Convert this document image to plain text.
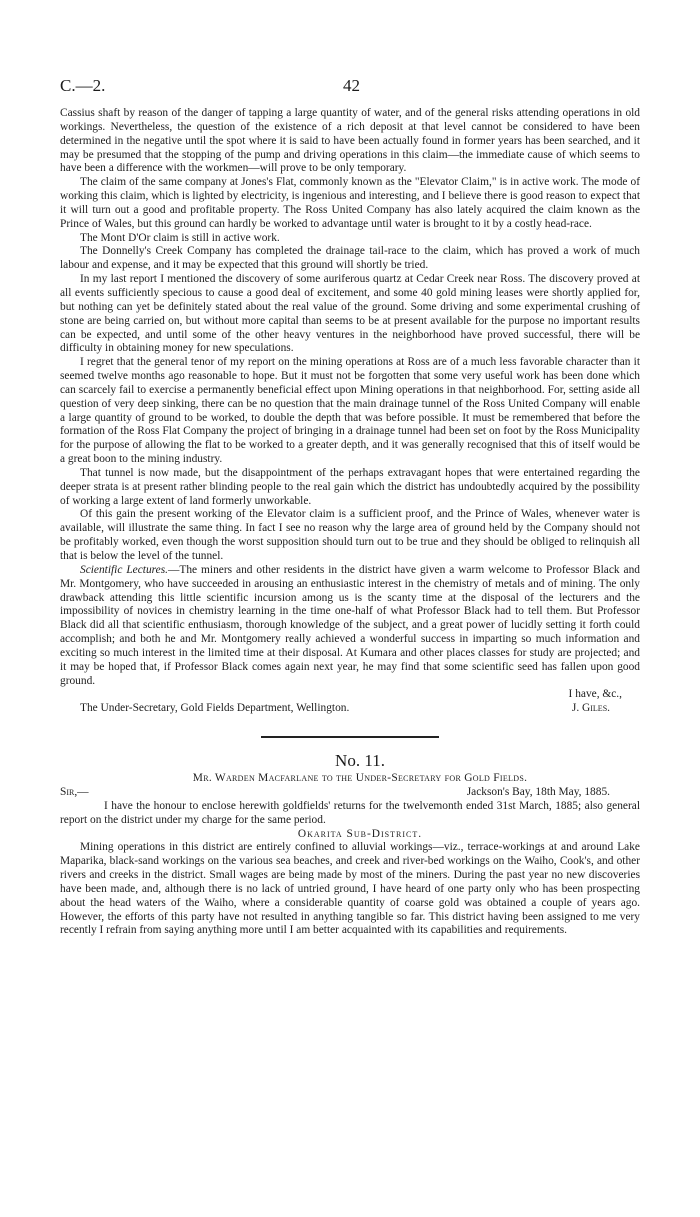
C.—2.	42

Cassius shaft by reason of the danger of tapping a large quantity of water, and of the general risks attending operations in old workings. Nevertheless, the question of the existence of a rich deposit at that level cannot be considered to have been determined in the negative until the spot where it is said to have been actually found in former years has been searched, and it may be presumed that the stopping of the pump and driving operations in this claim—the immediate cause of which seems to have been a difference with the workmen—will prove to be only temporary.

The claim of the same company at Jones's Flat, commonly known as the "Elevator Claim," is in active work. The mode of working this claim, which is lighted by electricity, is ingenious and interesting, and I believe there is good reason to expect that it will turn out a good and profitable property. The Ross United Company has also lately acquired the claim known as the Prince of Wales, but this ground can hardly be worked to advantage until water is brought to it by a costly head-race.

The Mont D'Or claim is still in active work.

The Donnelly's Creek Company has completed the drainage tail-race to the claim, which has proved a work of much labour and expense, and it may be expected that this ground will shortly be tried.

In my last report I mentioned the discovery of some auriferous quartz at Cedar Creek near Ross. The discovery proved at all events sufficiently specious to cause a good deal of excitement, and some 40 gold mining leases were shortly applied for, but nothing can yet be definitely stated about the real value of the ground. Some driving and some experimental crushing of stone are being carried on, but without more capital than seems to be at present available for the purpose no important results can be expected, and until some of the other heavy ventures in the neighborhood have proved successful, there will be difficulty in obtaining money for new speculations.

I regret that the general tenor of my report on the mining operations at Ross are of a much less favorable character than it seemed twelve months ago reasonable to hope. But it must not be forgotten that some very useful work has been done which can scarcely fail to exercise a permanently beneficial effect upon Mining operations in that neighborhood. For, setting aside all question of very deep sinking, there can be no question that the main drainage tunnel of the Ross United Company will enable a large quantity of ground to be worked, to double the depth that was before possible. It must be remembered that before the formation of the Ross Flat Company the project of bringing in a drainage tunnel had been set on foot by the Ross Municipality for the purpose of allowing the flat to be worked to a greater depth, and it was generally recognised that this of itself would be a great boon to the mining industry.

That tunnel is now made, but the disappointment of the perhaps extravagant hopes that were entertained regarding the deeper strata is at present rather blinding people to the real gain which the district has undoubtedly acquired by the possibility of working a large extent of land formerly unworkable.

Of this gain the present working of the Elevator claim is a sufficient proof, and the Prince of Wales, whenever water is available, will illustrate the same thing. In fact I see no reason why the large area of ground held by the Company should not be profitably worked, even though the worst supposition should turn out to be true and they should be obliged to relinquish all that is below the level of the tunnel.

Scientific Lectures.—The miners and other residents in the district have given a warm welcome to Professor Black and Mr. Montgomery, who have succeeded in arousing an enthusiastic interest in the chemistry of metals and of mining. The only drawback attending this little scientific incursion among us is the scanty time at the disposal of the lecturers and the impossibility of novices in chemistry learning in the time one-half of what Professor Black had to tell them. But Professor Black did all that scientific enthusiasm, thorough knowledge of the subject, and a great power of lucidly setting it forth could accomplish; and both he and Mr. Montgomery really achieved a wonderful success in imparting so much information and exciting so much interest in the limited time at their disposal. At Kumara and other places classes for study are projected; and it may be hoped that, if Professor Black comes again next year, he may find that some scientific seed has fallen upon good ground.

I have, &c.,

The Under-Secretary, Gold Fields Department, Wellington.	J. Giles.

No. 11.

Mr. Warden Macfarlane to the Under-Secretary for Gold Fields.

Sir,—	Jackson's Bay, 18th May, 1885.

I have the honour to enclose herewith goldfields' returns for the twelvemonth ended 31st March, 1885; also general report on the district under my charge for the same period.

Okarita Sub-District.

Mining operations in this district are entirely confined to alluvial workings—viz., terrace-workings at and around Lake Maparika, black-sand workings on the various sea beaches, and creek and river-bed workings on the Waiho, Cook's, and other rivers and creeks in the district. Small wages are being made by most of the miners. During the past year no new discoveries have been made, and, although there is no lack of untried ground, I have heard of one party only who has been prospecting about the head waters of the Waiho, where a considerable quantity of coarse gold was obtained a couple of years ago. However, the efforts of this party have not resulted in anything tangible so far. This district having been assigned to me very recently I refrain from saying anything more until I am better acquainted with its capabilities and requirements.
